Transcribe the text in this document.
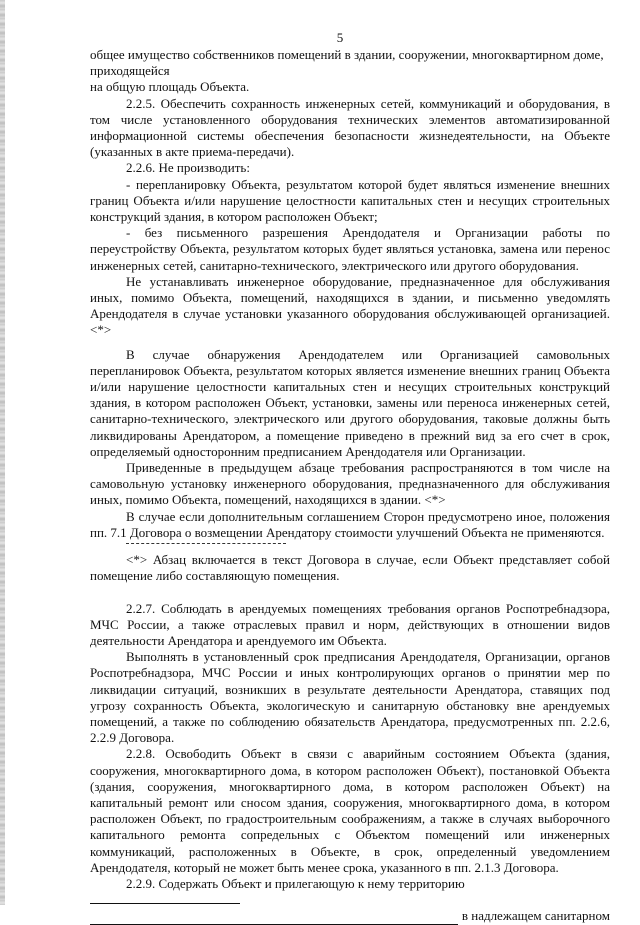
5

общее имущество собственников помещений в здании, сооружении, многоквартирном доме, приходящейся

на общую площадь Объекта.

2.2.5. Обеспечить сохранность инженерных сетей, коммуникаций и оборудования, в том числе установленного оборудования технических элементов автоматизированной информационной системы обеспечения безопасности жизнедеятельности, на Объекте (указанных в акте приема-передачи).

2.2.6. Не производить:

- перепланировку Объекта, результатом которой будет являться изменение внешних границ Объекта и/или нарушение целостности капитальных стен и несущих строительных конструкций здания, в котором расположен Объект;

- без письменного разрешения Арендодателя и Организации работы по переустройству Объекта, результатом которых будет являться установка, замена или перенос инженерных сетей, санитарно-технического, электрического или другого оборудования.

Не устанавливать инженерное оборудование, предназначенное для обслуживания иных, помимо Объекта, помещений, находящихся в здании, и письменно уведомлять Арендодателя в случае установки указанного оборудования обслуживающей организацией. <*>

В случае обнаружения Арендодателем или Организацией самовольных перепланировок Объекта, результатом которых является изменение внешних границ Объекта и/или нарушение целостности капитальных стен и несущих строительных конструкций здания, в котором расположен Объект, установки, замены или переноса инженерных сетей, санитарно-технического, электрического или другого оборудования, таковые должны быть ликвидированы Арендатором, а помещение приведено в прежний вид за его счет в срок, определяемый односторонним предписанием Арендодателя или Организации.

Приведенные в предыдущем абзаце требования распространяются в том числе на самовольную установку инженерного оборудования, предназначенного для обслуживания иных, помимо Объекта, помещений, находящихся в здании. <*>

В случае если дополнительным соглашением Сторон предусмотрено иное, положения пп. 7.1 Договора о возмещении Арендатору стоимости улучшений Объекта не применяются.

<*> Абзац включается в текст Договора в случае, если Объект представляет собой помещение либо составляющую помещения.

2.2.7. Соблюдать в арендуемых помещениях требования органов Роспотребнадзора, МЧС России, а также отраслевых правил и норм, действующих в отношении видов деятельности Арендатора и арендуемого им Объекта.

Выполнять в установленный срок предписания Арендодателя, Организации, органов Роспотребнадзора, МЧС России и иных контролирующих органов о принятии мер по ликвидации ситуаций, возникших в результате деятельности Арендатора, ставящих под угрозу сохранность Объекта, экологическую и санитарную обстановку вне арендуемых помещений, а также по соблюдению обязательств Арендатора, предусмотренных пп. 2.2.6, 2.2.9 Договора.

2.2.8. Освободить Объект в связи с аварийным состоянием Объекта (здания, сооружения, многоквартирного дома, в котором расположен Объект), постановкой Объекта (здания, сооружения, многоквартирного дома, в котором расположен Объект) на капитальный ремонт или сносом здания, сооружения, многоквартирного дома, в котором расположен Объект, по градостроительным соображениям, а также в случаях выборочного капитального ремонта сопредельных с Объектом помещений или инженерных коммуникаций, расположенных в Объекте, в срок, определенный уведомлением Арендодателя, который не может быть менее срока, указанного в пп. 2.1.3 Договора.

2.2.9. Содержать Объект и прилегающую к нему территорию

в надлежащем санитарном
